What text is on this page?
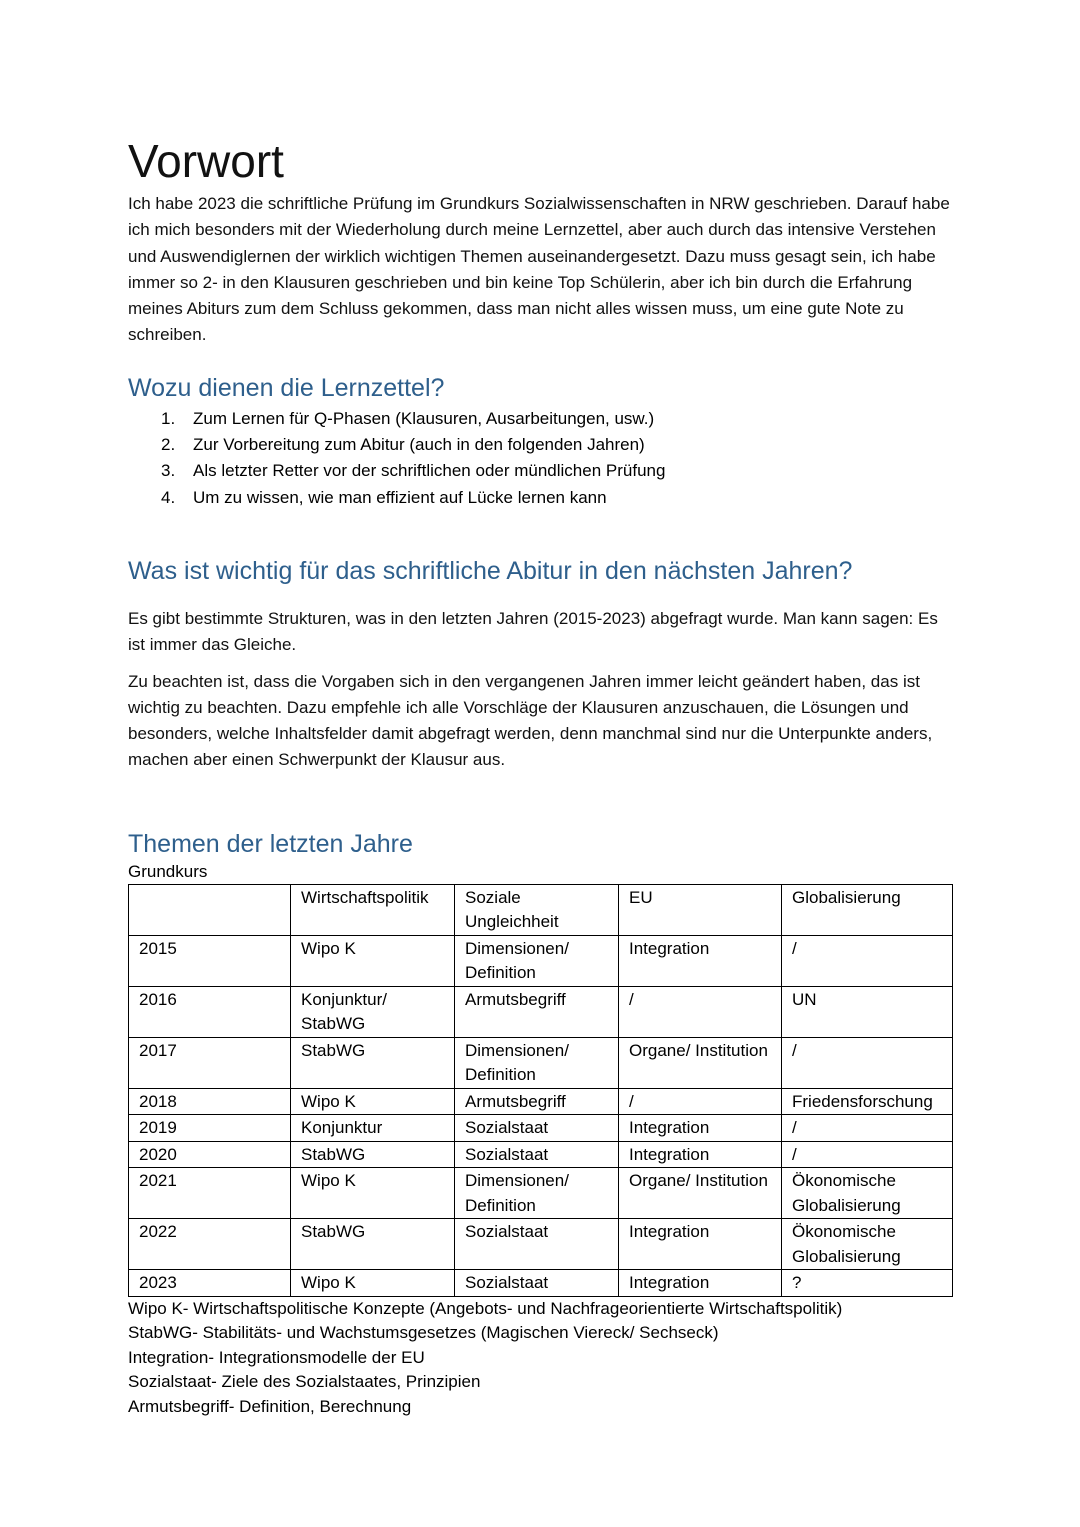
Vorwort

Ich habe 2023 die schriftliche Prüfung im Grundkurs Sozialwissenschaften in NRW geschrieben. Darauf habe ich mich besonders mit der Wiederholung durch meine Lernzettel, aber auch durch das intensive Verstehen und Auswendiglernen der wirklich wichtigen Themen auseinandergesetzt. Dazu muss gesagt sein, ich habe immer so 2- in den Klausuren geschrieben und bin keine Top Schülerin, aber ich bin durch die Erfahrung meines Abiturs zum dem Schluss gekommen, dass man nicht alles wissen muss, um eine gute Note zu schreiben.

Wozu dienen die Lernzettel?
1.	Zum Lernen für Q-Phasen (Klausuren, Ausarbeitungen, usw.)
2.	Zur Vorbereitung zum Abitur (auch in den folgenden Jahren)
3.	Als letzter Retter vor der schriftlichen oder mündlichen Prüfung
4.	Um zu wissen, wie man effizient auf Lücke lernen kann
Was ist wichtig für das schriftliche Abitur in den nächsten Jahren?

Es gibt bestimmte Strukturen, was in den letzten Jahren (2015-2023) abgefragt wurde. Man kann sagen: Es ist immer das Gleiche.

Zu beachten ist, dass die Vorgaben sich in den vergangenen Jahren immer leicht geändert haben, das ist wichtig zu beachten. Dazu empfehle ich alle Vorschläge der Klausuren anzuschauen, die Lösungen und besonders, welche Inhaltsfelder damit abgefragt werden, denn manchmal sind nur die Unterpunkte anders, machen aber einen Schwerpunkt der Klausur aus.

Themen der letzten Jahre
Grundkurs
	Wirtschaftspolitik	Soziale Ungleichheit	EU	Globalisierung
2015	Wipo K	Dimensionen/ Definition	Integration	/
2016	Konjunktur/ StabWG	Armutsbegriff	/	UN
2017	StabWG	Dimensionen/ Definition	Organe/ Institution	/
2018	Wipo K	Armutsbegriff	/	Friedensforschung
2019	Konjunktur	Sozialstaat	Integration	/
2020	StabWG	Sozialstaat	Integration	/
2021	Wipo K	Dimensionen/ Definition	Organe/ Institution	Ökonomische Globalisierung
2022	StabWG	Sozialstaat	Integration	Ökonomische Globalisierung
2023	Wipo K	Sozialstaat	Integration	?
Wipo K- Wirtschaftspolitische Konzepte (Angebots- und Nachfrageorientierte Wirtschaftspolitik)
StabWG- Stabilitäts- und Wachstumsgesetzes (Magischen Viereck/ Sechseck)
Integration- Integrationsmodelle der EU
Sozialstaat- Ziele des Sozialstaates, Prinzipien
Armutsbegriff- Definition, Berechnung
